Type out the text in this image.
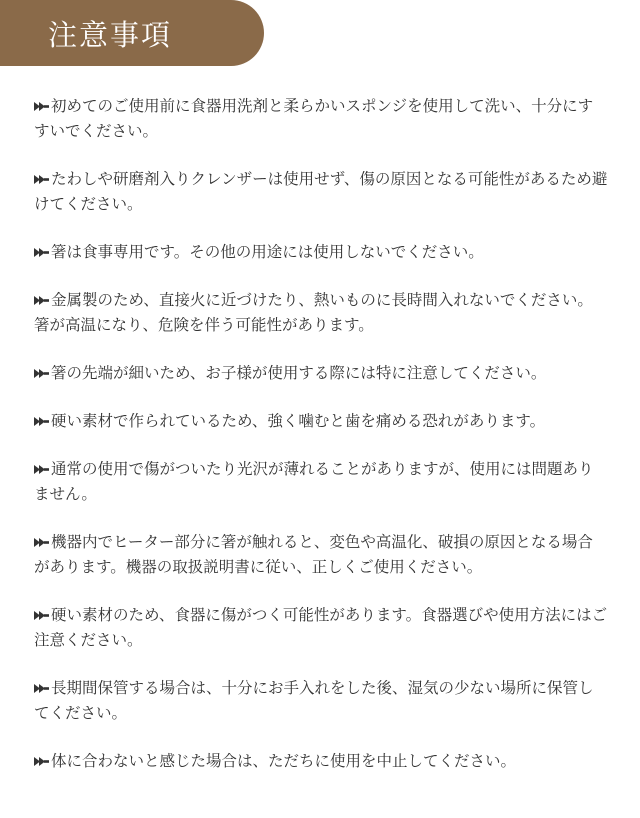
注意事項
初めてのご使用前に食器用洗剤と柔らかいスポンジを使用して洗い、十分にすすいでください。
たわしや研磨剤入りクレンザーは使用せず、傷の原因となる可能性があるため避けてください。
箸は食事専用です。その他の用途には使用しないでください。
金属製のため、直接火に近づけたり、熱いものに長時間入れないでください。箸が高温になり、危険を伴う可能性があります。
箸の先端が細いため、お子様が使用する際には特に注意してください。
硬い素材で作られているため、強く噛むと歯を痛める恐れがあります。
通常の使用で傷がついたり光沢が薄れることがありますが、使用には問題ありません。
機器内でヒーター部分に箸が触れると、変色や高温化、破損の原因となる場合があります。機器の取扱説明書に従い、正しくご使用ください。
硬い素材のため、食器に傷がつく可能性があります。食器選びや使用方法にはご注意ください。
長期間保管する場合は、十分にお手入れをした後、湿気の少ない場所に保管してください。
体に合わないと感じた場合は、ただちに使用を中止してください。
